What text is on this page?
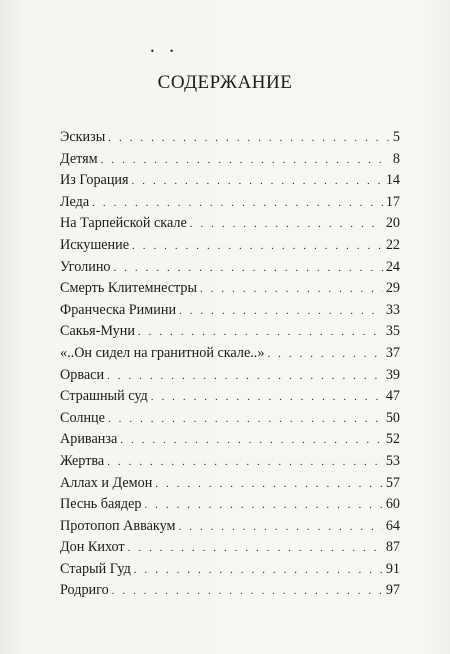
• •
СОДЕРЖАНИЕ
Эскизы . . .	5
Детям . . .	8
Из Горация . . .	14
Леда . . .	17
На Тарпейской скале . . .	20
Искушение . . .	22
Уголино . . .	24
Смерть Клитемнестры . . .	29
Франческа Римини . . .	33
Сакья-Муни . . .	35
«..Он сидел на гранитной скале..» . . .	37
Орваси . . .	39
Страшный суд . . .	47
Солнце . . .	50
Ариванза . . .	52
Жертва . . .	53
Аллах и Демон . . .	57
Песнь баядер . . .	60
Протопоп Аввакум . . .	64
Дон Кихот . . .	87
Старый Гуд . . .	91
Родриго . . .	97
